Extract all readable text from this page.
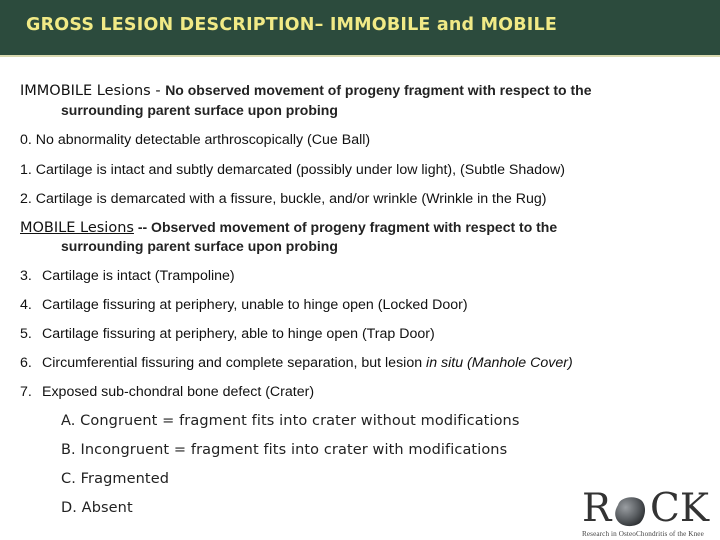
GROSS LESION DESCRIPTION– IMMOBILE and MOBILE
IMMOBILE Lesions - No observed movement of progeny fragment with respect to the
surrounding parent surface upon probing
0. No abnormality detectable arthroscopically (Cue Ball)
1. Cartilage is intact and subtly demarcated (possibly under low light), (Subtle Shadow)
2. Cartilage is demarcated with a fissure, buckle, and/or wrinkle (Wrinkle in the Rug)
MOBILE Lesions -- Observed movement of progeny fragment with respect to the
surrounding parent surface upon probing
3. Cartilage is intact (Trampoline)
4. Cartilage fissuring at periphery, unable to hinge open (Locked Door)
5. Cartilage fissuring at periphery, able to hinge open (Trap Door)
6. Circumferential fissuring and complete separation, but lesion in situ (Manhole Cover)
7. Exposed sub-chondral bone defect (Crater)
A. Congruent = fragment fits into crater without modifications
B. Incongruent = fragment fits into crater with modifications
C. Fragmented
D. Absent	R CK
Research in OsteoChondritis of the Knee
